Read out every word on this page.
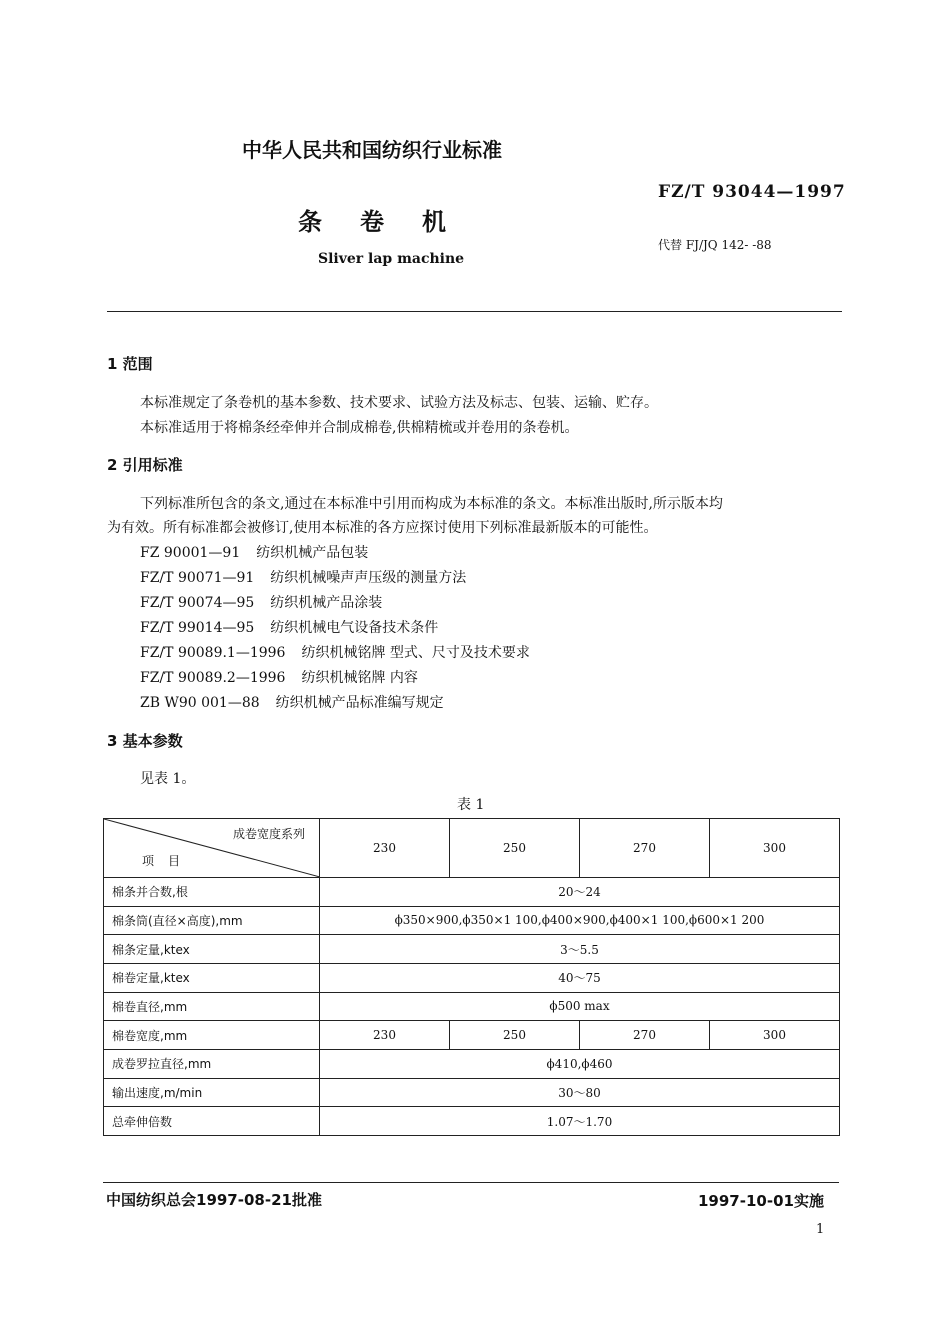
中华人民共和国纺织行业标准
FZ/T 93044—1997
代替 FJ/JQ 142- -88
条卷机
Sliver lap machine
1 范围
本标准规定了条卷机的基本参数、技术要求、试验方法及标志、包装、运输、贮存。
本标准适用于将棉条经牵伸并合制成棉卷,供棉精梳或并卷用的条卷机。
2 引用标准
下列标准所包含的条文,通过在本标准中引用而构成为本标准的条文。本标准出版时,所示版本均
为有效。所有标准都会被修订,使用本标准的各方应探讨使用下列标准最新版本的可能性。
FZ 90001—91 纺织机械产品包装
FZ/T 90071—91 纺织机械噪声声压级的测量方法
FZ/T 90074—95 纺织机械产品涂装
FZ/T 99014—95 纺织机械电气设备技术条件
FZ/T 90089.1—1996 纺织机械铭牌 型式、尺寸及技术要求
FZ/T 90089.2—1996 纺织机械铭牌 内容
ZB W90 001—88 纺织机械产品标准编写规定
3 基本参数
见表 1。
表 1
成卷宽度系列
项目	230	250	270	300
棉条并合数,根	20～24			
棉条筒(直径×高度),mm	ϕ350×900,ϕ350×1 100,ϕ400×900,ϕ400×1 100,ϕ600×1 200			
棉条定量,ktex	3～5.5			
棉卷定量,ktex	40～75			
棉卷直径,mm	ϕ500 max			
棉卷宽度,mm	230	250	270	300
成卷罗拉直径,mm	ϕ410,ϕ460			
输出速度,m/min	30～80			
总牵伸倍数	1.07～1.70			
中国纺织总会1997-08-21批准	1997-10-01实施
1
